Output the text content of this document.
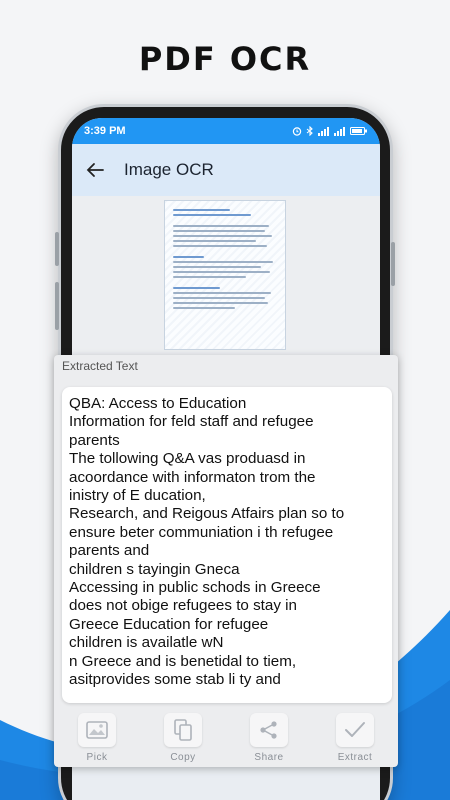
PDF OCR
3:39 PM
Image OCR
Extracted Text
QBA: Access to Education
Information for feld staff and refugee
parents
The tollowing Q&A vas produasd in
acoordance with informaton trom the
inistry of E ducation,
Research, and Reigous Atfairs plan so to
ensure beter communiation i th refugee
parents and
children s tayingin Gneca
Accessing in public schods in Greece
does not obige refugees to stay in
Greece Education for refugee
children is availatle wN
n Greece and is benetidal to tiem,
asitprovides some stab li ty and
Pick	Copy	Share	Extract
